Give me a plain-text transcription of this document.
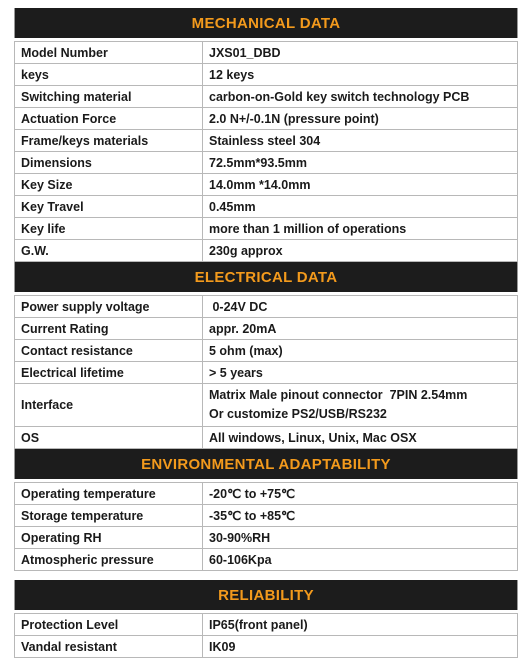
MECHANICAL DATA
Model Number	JXS01_DBD
keys	12 keys
Switching material	carbon-on-Gold key switch technology PCB
Actuation Force	2.0 N+/-0.1N (pressure point)
Frame/keys materials	Stainless steel 304
Dimensions	72.5mm*93.5mm
Key Size	14.0mm *14.0mm
Key Travel	0.45mm
Key life	more than 1 million of operations
G.W.	230g approx
ELECTRICAL DATA
Power supply voltage	0-24V DC
Current Rating	appr. 20mA
Contact resistance	5 ohm (max)
Electrical lifetime	> 5 years
Interface	Matrix Male pinout connector  7PIN 2.54mm
Or customize PS2/USB/RS232

OS	All windows, Linux, Unix, Mac OSX
ENVIRONMENTAL ADAPTABILITY
Operating temperature	-20℃ to +75℃
Storage temperature	-35℃ to +85℃
Operating RH	30-90%RH
Atmospheric pressure	60-106Kpa
RELIABILITY
Protection Level	IP65(front panel)
Vandal resistant	IK09
